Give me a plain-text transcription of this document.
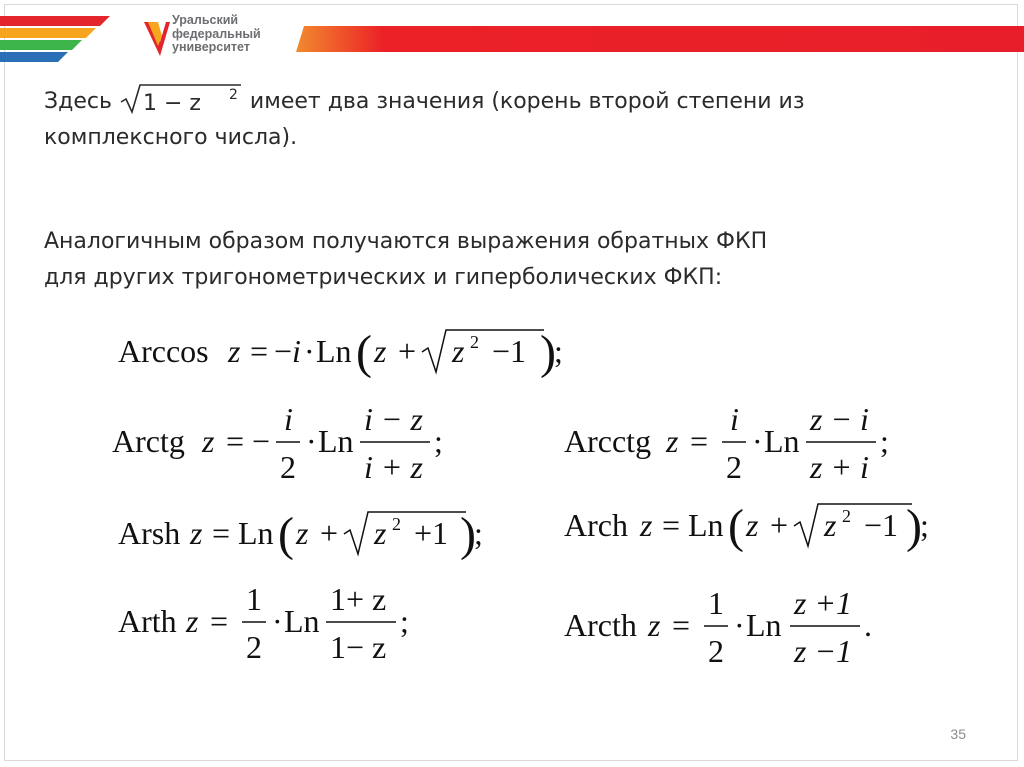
Уральский
федеральный
университет
Здесь 1 − z 2 имеет два значения (корень второй степени из
комплексного числа).
Аналогичным образом получаются выражения обратных ФКП
для других тригонометрических и гиперболических ФКП:
Arccos z = − i · Ln ( z + z 2 −1 )
;
Arctg z = −
i
2
· Ln
i − z
i + z
;	Arcctg z =
i
2
· Ln
z − i
z + i
;
Arsh z = Ln ( z + z 2 +1 )
;	Arch z = Ln ( z + z 2 −1 )
;
Arth z =
1
2
· Ln
1+ z
1− z
;	Arcth z =
1
2
· Ln
z +1
z −1
.
35
